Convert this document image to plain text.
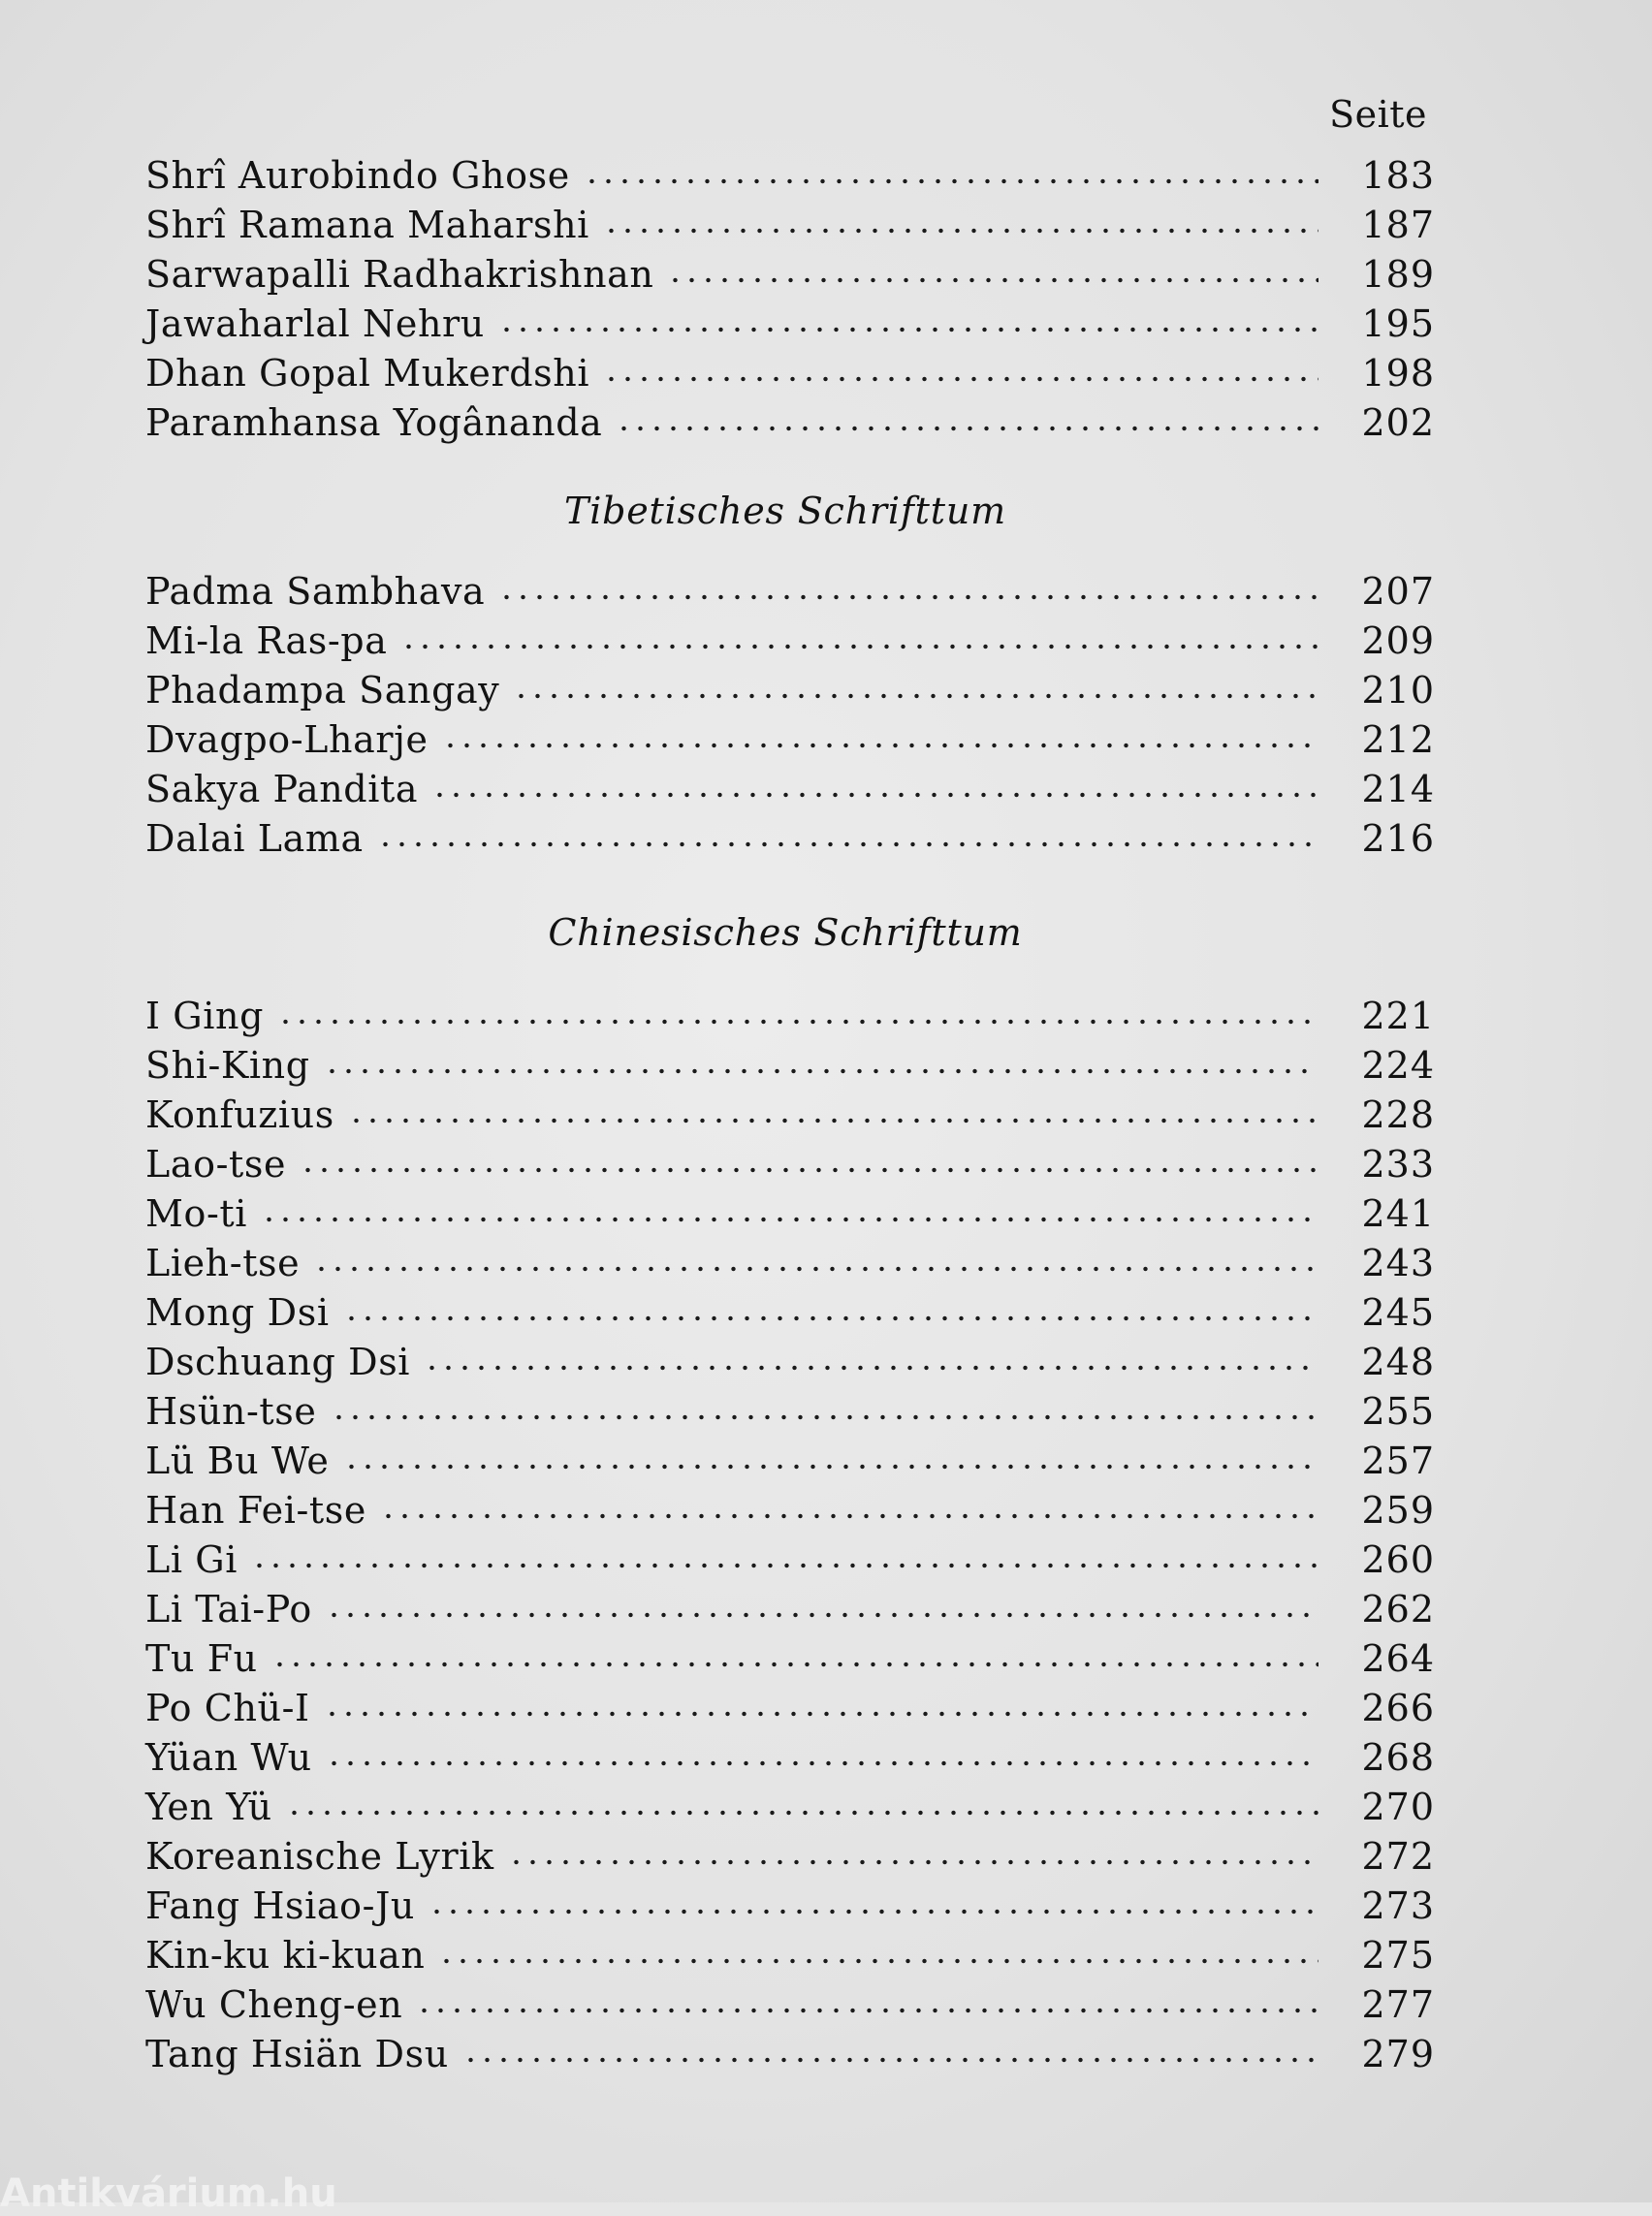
Seite
Shrî Aurobindo Ghose	183
Shrî Ramana Maharshi	187
Sarwapalli Radhakrishnan	189
Jawaharlal Nehru	195
Dhan Gopal Mukerdshi	198
Paramhansa Yogânanda	202
Tibetisches Schrifttum
Padma Sambhava	207
Mi-la Ras-pa	209
Phadampa Sangay	210
Dvagpo-Lharje	212
Sakya Pandita	214
Dalai Lama	216
Chinesisches Schrifttum
I Ging	221
Shi-King	224
Konfuzius	228
Lao-tse	233
Mo-ti	241
Lieh-tse	243
Mong Dsi	245
Dschuang Dsi	248
Hsün-tse	255
Lü Bu We	257
Han Fei-tse	259
Li Gi	260
Li Tai-Po	262
Tu Fu	264
Po Chü-I	266
Yüan Wu	268
Yen Yü	270
Koreanische Lyrik	272
Fang Hsiao-Ju	273
Kin-ku ki-kuan	275
Wu Cheng-en	277
Tang Hsiän Dsu	279
Antikvárium.hu
